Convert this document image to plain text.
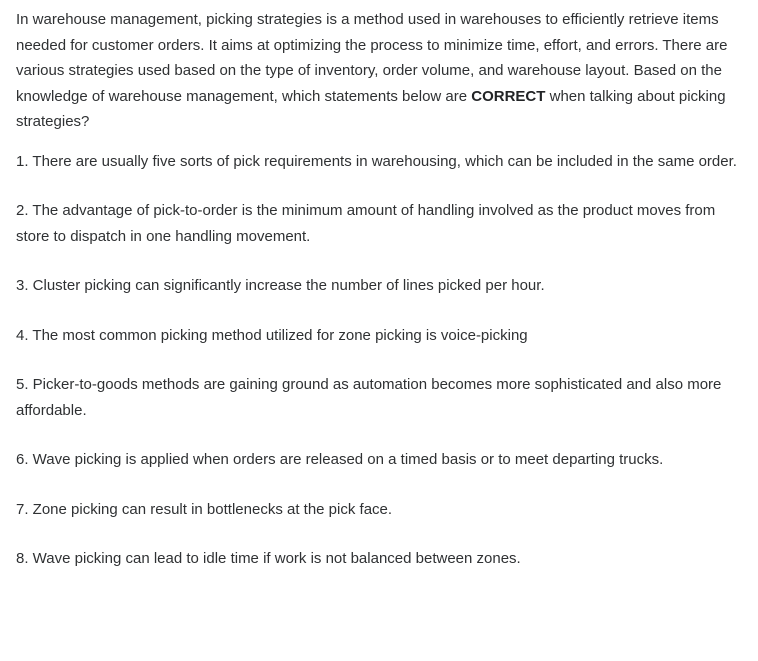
In warehouse management, picking strategies is a method used in warehouses to efficiently retrieve items needed for customer orders. It aims at optimizing the process to minimize time, effort, and errors. There are various strategies used based on the type of inventory, order volume, and warehouse layout. Based on the knowledge of warehouse management, which statements below are CORRECT when talking about picking strategies?

1. There are usually five sorts of pick requirements in warehousing, which can be included in the same order.
2. The advantage of pick-to-order is the minimum amount of handling involved as the product moves from store to dispatch in one handling movement.
3. Cluster picking can significantly increase the number of lines picked per hour.
4. The most common picking method utilized for zone picking is voice-picking
5. Picker-to-goods methods are gaining ground as automation becomes more sophisticated and also more affordable.
6. Wave picking is applied when orders are released on a timed basis or to meet departing trucks.
7. Zone picking can result in bottlenecks at the pick face.
8. Wave picking can lead to idle time if work is not balanced between zones.
